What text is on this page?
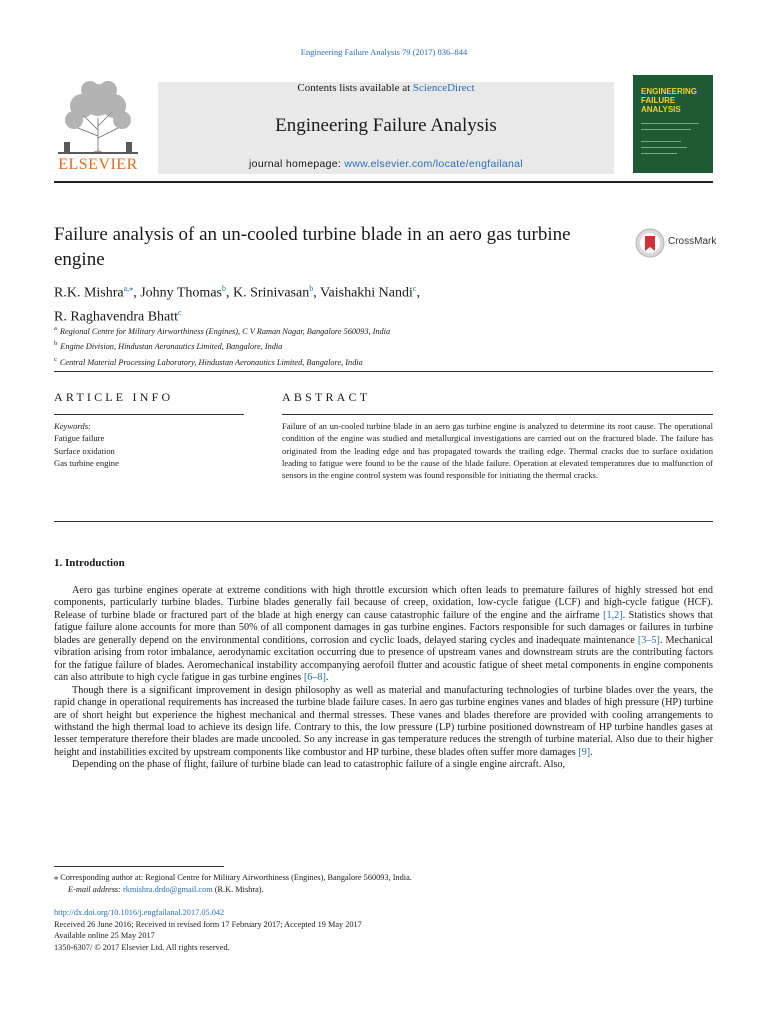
Engineering Failure Analysis 79 (2017) 836–844
ELSEVIER
Contents lists available at ScienceDirect
Engineering Failure Analysis
journal homepage: www.elsevier.com/locate/engfailanal
ENGINEERING
FAILURE
ANALYSIS
Failure analysis of an un-cooled turbine blade in an aero gas turbine engine
CrossMark
R.K. Mishra$^{a,⁎}$, Johny Thomas$^b$, K. Srinivasan$^b$, Vaishakhi Nandi$^c$,
R. Raghavendra Bhatt$^c$
$^a$ Regional Centre for Military Airworthiness (Engines), C V Raman Nagar, Bangalore 560093, India
$^b$ Engine Division, Hindustan Aeronautics Limited, Bangalore, India
$^c$ Central Material Processing Laboratory, Hindustan Aeronautics Limited, Bangalore, India
ARTICLE INFO	ABSTRACT
Keywords:
Fatigue failure
Surface oxidation
Gas turbine engine
Failure of an un-cooled turbine blade in an aero gas turbine engine is analyzed to determine its root cause. The operational condition of the engine was studied and metallurgical investigations are carried out on the fractured blade. The failure has originated from the leading edge and has propagated towards the trailing edge. Thermal cracks due to surface oxidation leading to fatigue were found to be the cause of the blade failure. Operation at elevated temperatures due to malfunction of sensors in the engine control system was found responsible for initiating the thermal cracks.
1. Introduction

Aero gas turbine engines operate at extreme conditions with high throttle excursion which often leads to premature failures of highly stressed hot end components, particularly turbine blades. Turbine blades generally fail because of creep, oxidation, low-cycle fatigue (LCF) and high-cycle fatigue (HCF). Release of turbine blade or fractured part of the blade at high energy can cause catastrophic failure of the engine and the airframe [1,2]. Statistics shows that fatigue failure alone accounts for more than 50% of all component damages in gas turbine engines. Factors responsible for such damages or failures in turbine blades are generally depend on the environmental conditions, corrosion and cyclic loads, delayed staring cycles and inadequate maintenance [3–5]. Mechanical vibration arising from rotor imbalance, aerodynamic excitation occurring due to presence of upstream vanes and downstream struts are the contributing factors for the fatigue failure of blades. Aeromechanical instability accompanying aerofoil flutter and acoustic fatigue of sheet metal components in engine components can also attribute to high cycle fatigue in gas turbine engines [6–8].

Though there is a significant improvement in design philosophy as well as material and manufacturing technologies of turbine blades over the years, the rapid change in operational requirements has increased the turbine blade failure cases. In aero gas turbine engines vanes and blades of high pressure (HP) turbine are of short height but experience the highest mechanical and thermal stresses. These vanes and blades therefore are provided with cooling arrangements to withstand the high thermal load to achieve its design life. Contrary to this, the low pressure (LP) turbine positioned downstream of HP turbine handles gases at lesser temperature therefore their blades are made uncooled. So any increase in gas temperature reduces the strength of turbine material. Also due to their higher height and instabilities excited by upstream components like combustor and HP turbine, these blades often suffer more damages [9].

Depending on the phase of flight, failure of turbine blade can lead to catastrophic failure of a single engine aircraft. Also,

⁎ Corresponding author at: Regional Centre for Military Airworthiness (Engines), Bangalore 560093, India.
E-mail address: rkmishra.drdo@gmail.com (R.K. Mishra).
http://dx.doi.org/10.1016/j.engfailanal.2017.05.042
Received 26 June 2016; Received in revised form 17 February 2017; Accepted 19 May 2017
Available online 25 May 2017
1350-6307/ © 2017 Elsevier Ltd. All rights reserved.
